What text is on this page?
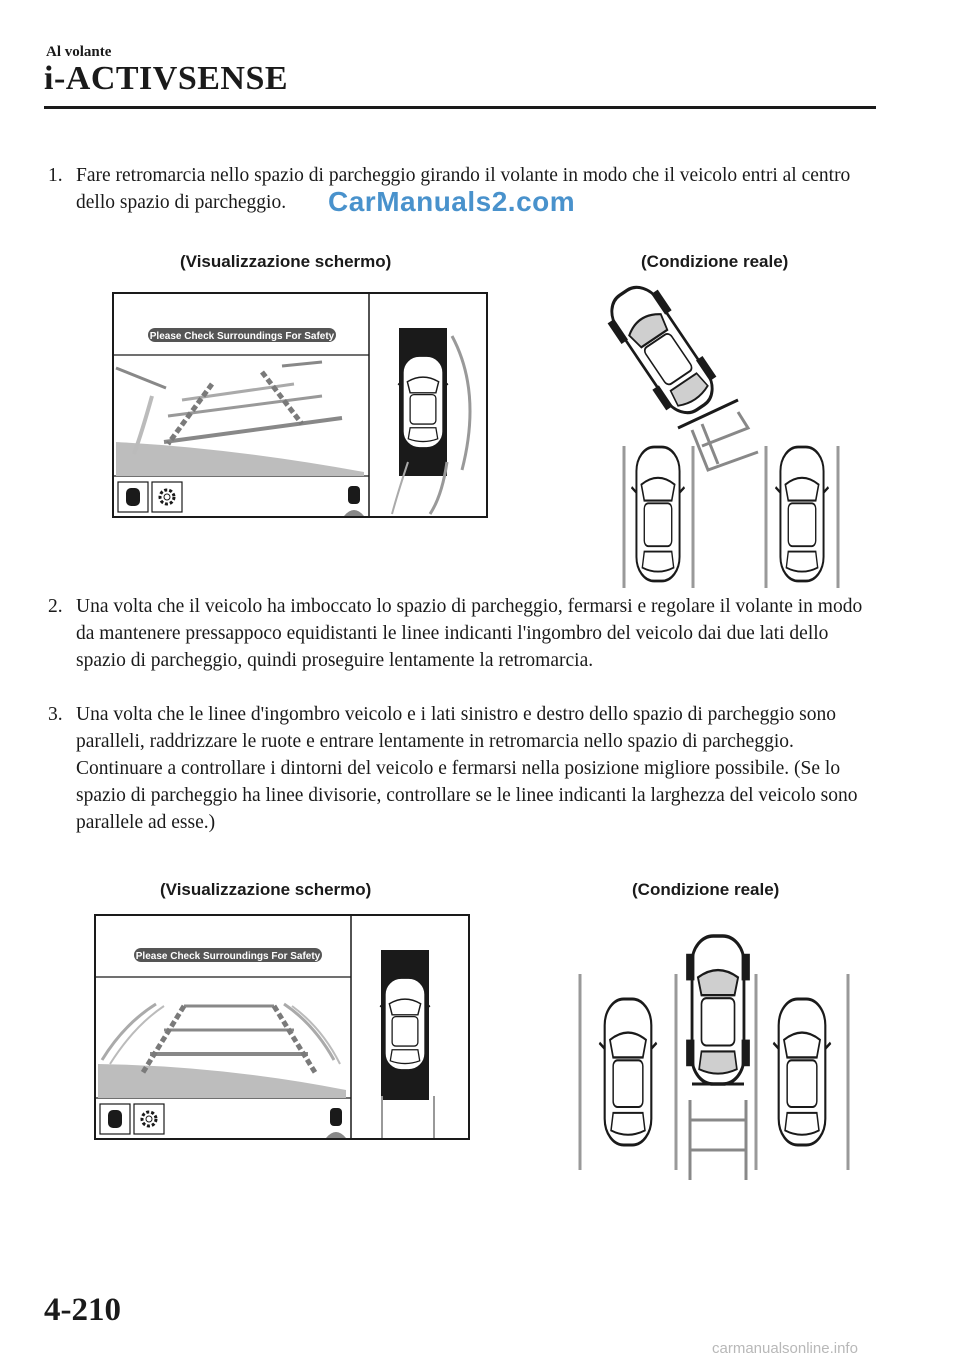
Al volante
i-ACTIVSENSE
1. Fare retromarcia nello spazio di parcheggio girando il volante in modo che il veicolo entri al centro dello spazio di parcheggio.	CarManuals2.com
(Visualizzazione schermo)	(Condizione reale)
Please Check Surroundings For Safety
2. Una volta che il veicolo ha imboccato lo spazio di parcheggio, fermarsi e regolare il volante in modo da mantenere pressappoco equidistanti le linee indicanti l'ingombro del veicolo dai due lati dello spazio di parcheggio, quindi proseguire lentamente la retromarcia.
3. Una volta che le linee d'ingombro veicolo e i lati sinistro e destro dello spazio di parcheggio sono paralleli, raddrizzare le ruote e entrare lentamente in retromarcia nello spazio di parcheggio. Continuare a controllare i dintorni del veicolo e fermarsi nella posizione migliore possibile. (Se lo spazio di parcheggio ha linee divisorie, controllare se le linee indicanti la larghezza del veicolo sono parallele ad esse.)
(Visualizzazione schermo)	(Condizione reale)
Please Check Surroundings For Safety
4-210
carmanualsonline.info
